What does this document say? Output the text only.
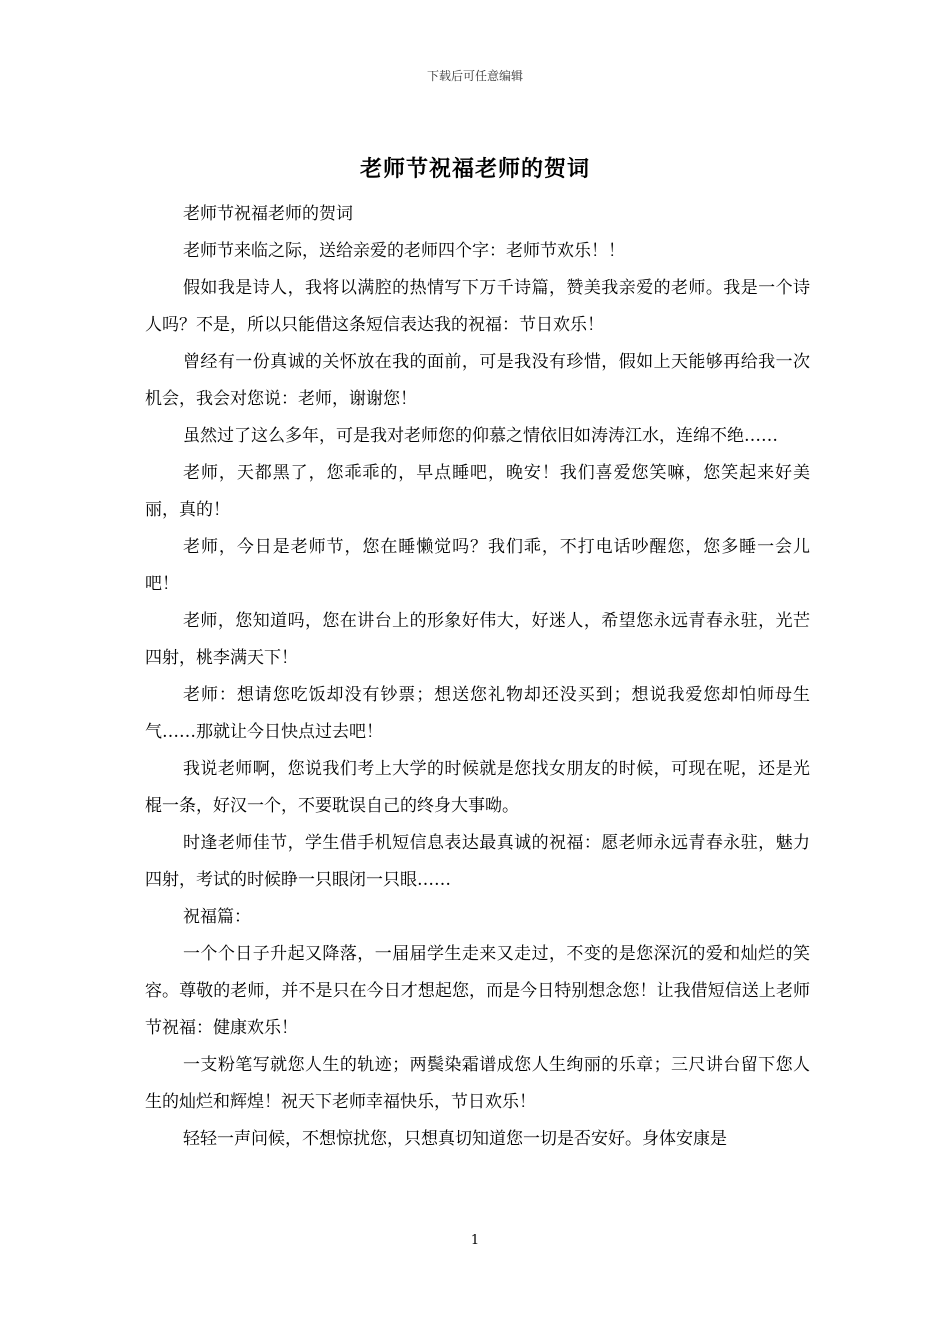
下载后可任意编辑
老师节祝福老师的贺词

老师节祝福老师的贺词

老师节来临之际，送给亲爱的老师四个字：老师节欢乐！！

假如我是诗人，我将以满腔的热情写下万千诗篇，赞美我亲爱的老师。我是一个诗人吗？不是，所以只能借这条短信表达我的祝福：节日欢乐！

曾经有一份真诚的关怀放在我的面前，可是我没有珍惜，假如上天能够再给我一次机会，我会对您说：老师，谢谢您！

虽然过了这么多年，可是我对老师您的仰慕之情依旧如涛涛江水，连绵不绝……

老师，天都黑了，您乖乖的，早点睡吧，晚安！我们喜爱您笑嘛，您笑起来好美丽，真的！

老师，今日是老师节，您在睡懒觉吗？我们乖，不打电话吵醒您，您多睡一会儿吧！

老师，您知道吗，您在讲台上的形象好伟大，好迷人，希望您永远青春永驻，光芒四射，桃李满天下！

老师：想请您吃饭却没有钞票；想送您礼物却还没买到；想说我爱您却怕师母生气……那就让今日快点过去吧！

我说老师啊，您说我们考上大学的时候就是您找女朋友的时候，可现在呢，还是光棍一条，好汉一个，不要耽误自己的终身大事呦。

时逢老师佳节，学生借手机短信息表达最真诚的祝福：愿老师永远青春永驻，魅力四射，考试的时候睁一只眼闭一只眼……

祝福篇：

一个个日子升起又降落，一届届学生走来又走过，不变的是您深沉的爱和灿烂的笑容。尊敬的老师，并不是只在今日才想起您，而是今日特别想念您！让我借短信送上老师节祝福：健康欢乐！

一支粉笔写就您人生的轨迹；两鬓染霜谱成您人生绚丽的乐章；三尺讲台留下您人生的灿烂和辉煌！祝天下老师幸福快乐，节日欢乐！

轻轻一声问候，不想惊扰您，只想真切知道您一切是否安好。身体安康是

1
